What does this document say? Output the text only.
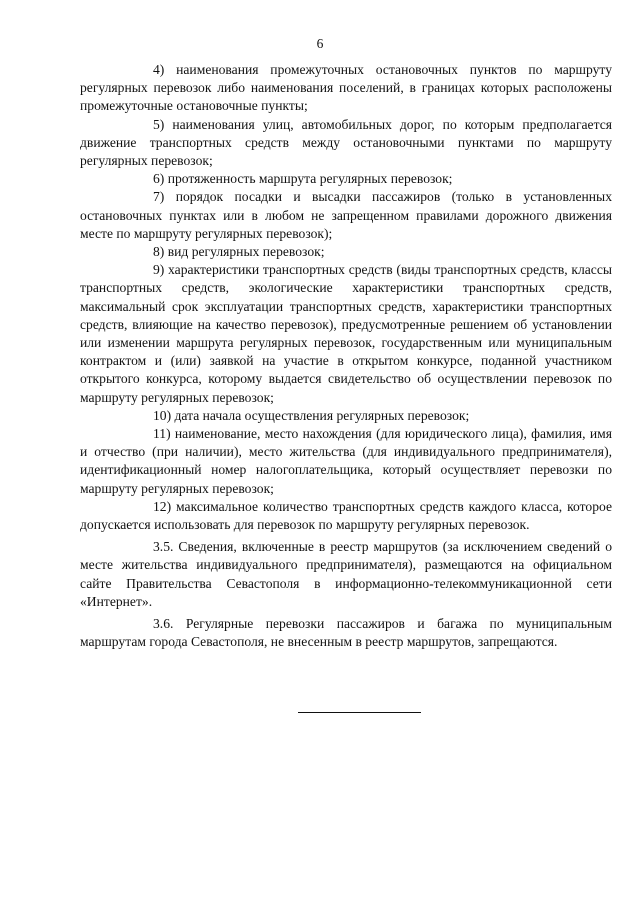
6

4) наименования промежуточных остановочных пунктов по маршруту регулярных перевозок либо наименования поселений, в границах которых расположены промежуточные остановочные пункты;

5) наименования улиц, автомобильных дорог, по которым предполагается движение транспортных средств между остановочными пунктами по маршруту регулярных перевозок;

6) протяженность маршрута регулярных перевозок;

7) порядок посадки и высадки пассажиров (только в установленных остановочных пунктах или в любом не запрещенном правилами дорожного движения месте по маршруту регулярных перевозок);

8) вид регулярных перевозок;

9) характеристики транспортных средств (виды транспортных средств, классы транспортных средств, экологические характеристики транспортных средств, максимальный срок эксплуатации транспортных средств, характеристики транспортных средств, влияющие на качество перевозок), предусмотренные решением об установлении или изменении маршрута регулярных перевозок, государственным или муниципальным контрактом и (или) заявкой на участие в открытом конкурсе, поданной участником открытого конкурса, которому выдается свидетельство об осуществлении перевозок по маршруту регулярных перевозок;

10) дата начала осуществления регулярных перевозок;

11) наименование, место нахождения (для юридического лица), фамилия, имя и отчество (при наличии), место жительства (для индивидуального предпринимателя), идентификационный номер налогоплательщика, который осуществляет перевозки по маршруту регулярных перевозок;

12) максимальное количество транспортных средств каждого класса, которое допускается использовать для перевозок по маршруту регулярных перевозок.

3.5. Сведения, включенные в реестр маршрутов (за исключением сведений о месте жительства индивидуального предпринимателя), размещаются на официальном сайте Правительства Севастополя в информационно-телекоммуникационной сети «Интернет».

3.6. Регулярные перевозки пассажиров и багажа по муниципальным маршрутам города Севастополя, не внесенным в реестр маршрутов, запрещаются.
